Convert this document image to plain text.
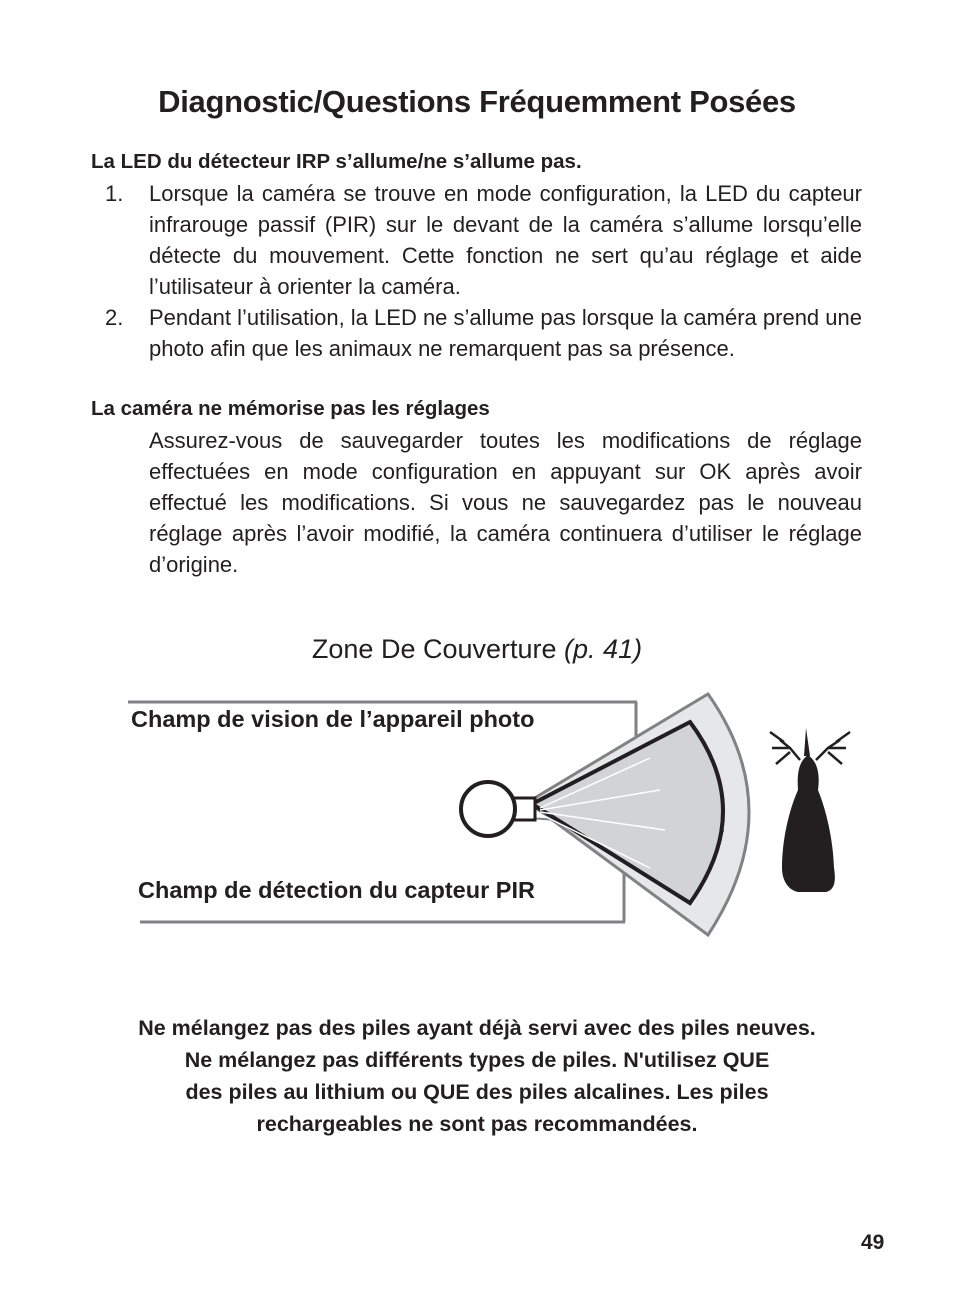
Diagnostic/Questions Fréquemment Posées
La LED du détecteur IRP s’allume/ne s’allume pas.
1. Lorsque la caméra se trouve en mode configuration, la LED du capteur infrarouge passif (PIR) sur le devant de la caméra s’allume lorsqu’elle détecte du mouvement. Cette fonction ne sert qu’au réglage et aide l’utilisateur à orienter la caméra.

2. Pendant l’utilisation, la LED ne s’allume pas lorsque la caméra prend une photo afin que les animaux ne remarquent pas sa présence.

La caméra ne mémorise pas les réglages

Assurez-vous de sauvegarder toutes les modifications de réglage effectuées en mode configuration en appuyant sur OK après avoir effectué les modifications. Si vous ne sauvegardez pas le nouveau réglage après l’avoir modifié, la caméra continuera d’utiliser le réglage d’origine.

Zone De Couverture (p. 41)
Champ de vision de l’appareil photo
Champ de détection du capteur PIR
Ne mélangez pas des piles ayant déjà servi avec des piles neuves.
Ne mélangez pas différents types de piles. N'utilisez QUE
des piles au lithium ou QUE des piles alcalines. Les piles
rechargeables ne sont pas recommandées.
49
